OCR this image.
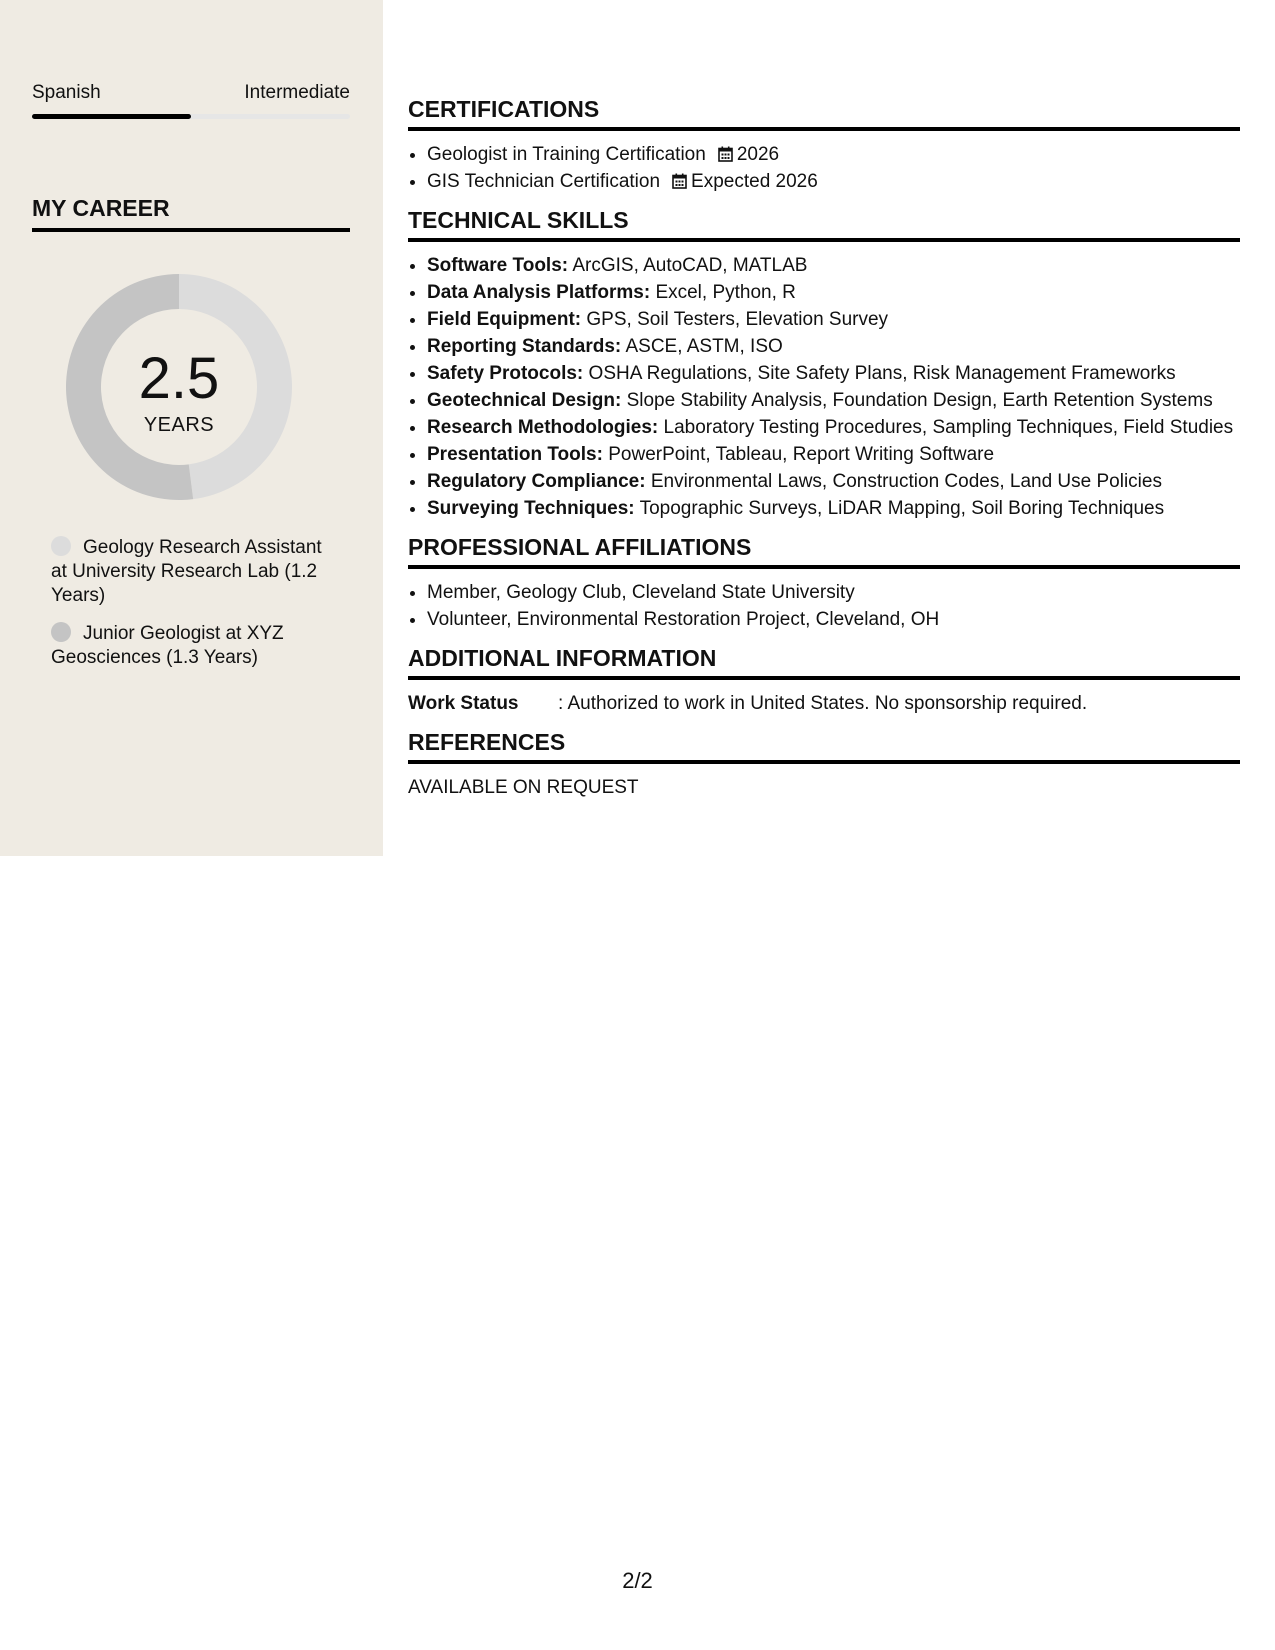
Spanish	Intermediate
MY CAREER
2.5
YEARS
Geology Research Assistant at University Research Lab (1.2 Years)
Junior Geologist at XYZ Geosciences (1.3 Years)
CERTIFICATIONS
• Geologist in Training Certification 2026
• GIS Technician Certification Expected 2026
TECHNICAL SKILLS
• Software Tools: ArcGIS, AutoCAD, MATLAB
• Data Analysis Platforms: Excel, Python, R
• Field Equipment: GPS, Soil Testers, Elevation Survey
• Reporting Standards: ASCE, ASTM, ISO
• Safety Protocols: OSHA Regulations, Site Safety Plans, Risk Management Frameworks
• Geotechnical Design: Slope Stability Analysis, Foundation Design, Earth Retention Systems
• Research Methodologies: Laboratory Testing Procedures, Sampling Techniques, Field Studies
• Presentation Tools: PowerPoint, Tableau, Report Writing Software
• Regulatory Compliance: Environmental Laws, Construction Codes, Land Use Policies
• Surveying Techniques: Topographic Surveys, LiDAR Mapping, Soil Boring Techniques
PROFESSIONAL AFFILIATIONS
• Member, Geology Club, Cleveland State University
• Volunteer, Environmental Restoration Project, Cleveland, OH
ADDITIONAL INFORMATION
Work Status	: Authorized to work in United States. No sponsorship required.
REFERENCES
AVAILABLE ON REQUEST
2/2
